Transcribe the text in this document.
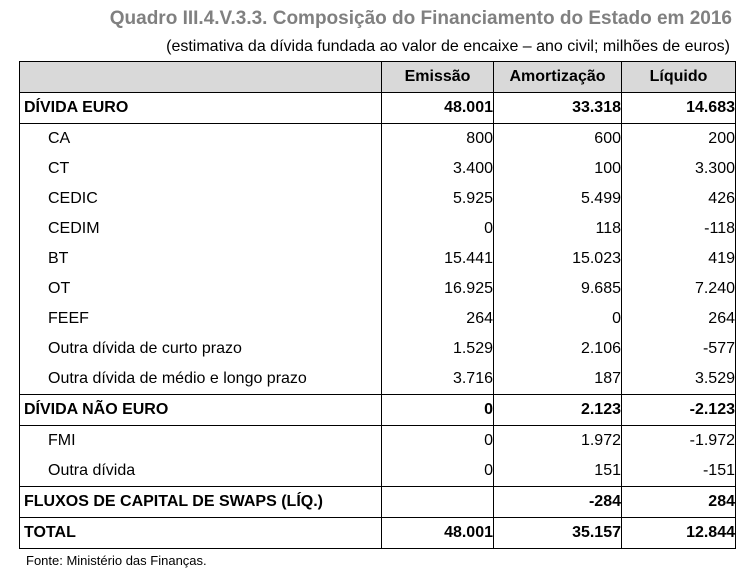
Quadro III.4.V.3.3. Composição do Financiamento do Estado em 2016
(estimativa da dívida fundada ao valor de encaixe – ano civil; milhões de euros)
	Emissão	Amortização	Líquido
DÍVIDA EURO	48.001	33.318	14.683
CA	800	600	200
CT	3.400	100	3.300
CEDIC	5.925	5.499	426
CEDIM	0	118	-118
BT	15.441	15.023	419
OT	16.925	9.685	7.240
FEEF	264	0	264
Outra dívida de curto prazo	1.529	2.106	-577
Outra dívida de médio e longo prazo	3.716	187	3.529
DÍVIDA NÃO EURO	0	2.123	-2.123
FMI	0	1.972	-1.972
Outra dívida	0	151	-151
FLUXOS DE CAPITAL DE SWAPS (LÍQ.)		-284	284
TOTAL	48.001	35.157	12.844
Fonte: Ministério das Finanças.
